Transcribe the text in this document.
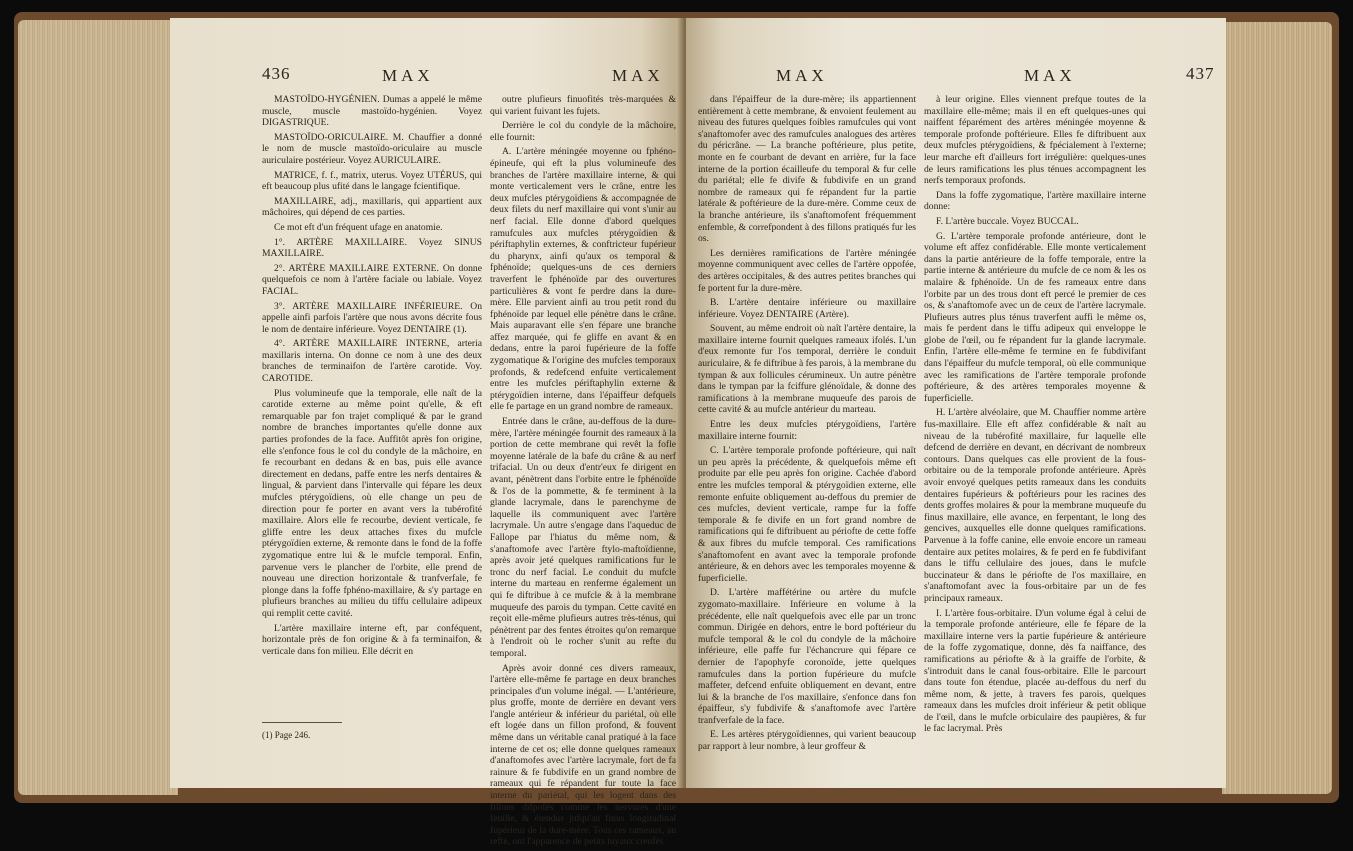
436	MAX	MAX

MASTOÏDO-HYGÉNIEN. Dumas a appelé le même muscle, muscle mastoïdo-hygénien. Voyez DIGASTRIQUE.

MASTOÏDO-ORICULAIRE. M. Chauffier a donné le nom de muscle mastoïdo-oriculaire au muscle auriculaire postérieur. Voyez AURICULAIRE.

MATRICE, f. f., matrix, uterus. Voyez UTÉRUS, qui eft beaucoup plus ufité dans le langage fcientifique.

MAXILLAIRE, adj., maxillaris, qui appartient aux mâchoires, qui dépend de ces parties.

Ce mot eft d'un fréquent ufage en anatomie.

1°. ARTÈRE MAXILLAIRE. Voyez SINUS MAXILLAIRE.

2°. ARTÈRE MAXILLAIRE EXTERNE. On donne quelquefois ce nom à l'artère faciale ou labiale. Voyez FACIAL.

3°. ARTÈRE MAXILLAIRE INFÉRIEURE. On appelle ainfi parfois l'artère que nous avons décrite fous le nom de dentaire inférieure. Voyez DENTAIRE (1).

4°. ARTÈRE MAXILLAIRE INTERNE, arteria maxillaris interna. On donne ce nom à une des deux branches de terminaifon de l'artère carotide. Voy. CAROTIDE.

Plus volumineufe que la temporale, elle naît de la carotide externe au même point qu'elle, & eft remarquable par fon trajet compliqué & par le grand nombre de branches importantes qu'elle donne aux parties profondes de la face. Auffitôt après fon origine, elle s'enfonce fous le col du condyle de la mâchoire, en fe recourbant en dedans & en bas, puis elle avance directement en dedans, paffe entre les nerfs dentaires & lingual, & parvient dans l'intervalle qui fépare les deux mufcles ptérygoïdiens, où elle change un peu de direction pour fe porter en avant vers la tubérofité maxillaire. Alors elle fe recourbe, devient verticale, fe gliffe entre les deux attaches fixes du mufcle ptérygoïdien externe, & remonte dans le fond de la foffe zygomatique entre lui & le mufcle temporal. Enfin, parvenue vers le plancher de l'orbite, elle prend de nouveau une direction horizontale & tranfverfale, fe plonge dans la foffe fphéno-maxillaire, & s'y partage en plufieurs branches au milieu du tiffu cellulaire adipeux qui remplit cette cavité.

L'artère maxillaire interne eft, par conféquent, horizontale près de fon origine & à fa terminaifon, & verticale dans fon milieu. Elle décrit en

outre plufieurs finuofités très-marquées & qui varient fuivant les fujets.

Derrière le col du condyle de la mâchoire, elle fournit:

A. L'artère méningée moyenne ou fphéno-épineufe, qui eft la plus volumineufe des branches de l'artère maxillaire interne, & qui monte verticalement vers le crâne, entre les deux mufcles ptérygoïdiens & accompagnée de deux filets du nerf maxillaire qui vont s'unir au nerf facial. Elle donne d'abord quelques ramufcules aux mufcles ptérygoïdien & périftaphylin externes, & conftricteur fupérieur du pharynx, ainfi qu'aux os temporal & fphénoïde; quelques-uns de ces derniers traverfent le fphénoïde par des ouvertures particulières & vont fe perdre dans la dure-mère. Elle parvient ainfi au trou petit rond du fphénoïde par lequel elle pénètre dans le crâne. Mais auparavant elle s'en fépare une branche affez marquée, qui fe gliffe en avant & en dedans, entre la paroi fupérieure de la foffe zygomatique & l'origine des mufcles temporaux profonds, & redefcend enfuite verticalement entre les mufcles périftaphylin externe & ptérygoïdien interne, dans l'épaiffeur defquels elle fe partage en un grand nombre de rameaux.

Entrée dans le crâne, au-deffous de la dure-mère, l'artère méningée fournit des rameaux à la portion de cette membrane qui revêt la fofle moyenne latérale de la bafe du crâne & au nerf trifacial. Un ou deux d'entr'eux fe dirigent en avant, pénètrent dans l'orbite entre le fphénoïde & l'os de la pommette, & fe terminent à la glande lacrymale, dans le parenchyme de laquelle ils communiquent avec l'artère lacrymale. Un autre s'engage dans l'aqueduc de Fallope par l'hiatus du même nom, & s'anaftomofe avec l'artère ftylo-maftoïdienne, après avoir jeté quelques ramifications fur le tronc du nerf facial. Le conduit du mufcle interne du marteau en renferme également un qui fe diftribue à ce mufcle & à la membrane muqueufe des parois du tympan. Cette cavité en reçoit elle-même plufieurs autres très-ténus, qui pénètrent par des fentes étroites qu'on remarque à l'endroit où le rocher s'unit au refte du temporal.

Après avoir donné ces divers rameaux, l'artère elle-même fe partage en deux branches principales d'un volume inégal. — L'antérieure, plus groffe, monte de derrière en devant vers l'angle antérieur & inférieur du pariétal, où elle eft logée dans un fillon profond, & fouvent même dans un véritable canal pratiqué à la face interne de cet os; elle donne quelques rameaux d'anaftomofes avec l'artère lacrymale, fort de fa rainure & fe fubdivife en un grand nombre de rameaux qui fe répandent fur toute la face interne du pariétal, qui les logent dans des fillons difpofés comme les nervures d'une feuille, & étendus jufqu'au finus longitudinal fupérieur de la dure-mère. Tous ces rameaux, au refte, ont l'apparence de petits tuyaux creufés

(1) Page 246.
MAX	MAX	437

dans l'épaiffeur de la dure-mère; ils appartiennent entièrement à cette membrane, & envoient feulement au niveau des futures quelques foibles ramufcules qui vont s'anaftomofer avec des ramufcules analogues des artères du péricrâne. — La branche poftérieure, plus petite, monte en fe courbant de devant en arrière, fur la face interne de la portion écailleufe du temporal & fur celle du pariétal; elle fe divife & fubdivife en un grand nombre de rameaux qui fe répandent fur la partie latérale & poftérieure de la dure-mère. Comme ceux de la branche antérieure, ils s'anaftomofent fréquemment enfemble, & correfpondent à des fillons pratiqués fur les os.

Les dernières ramifications de l'artère méningée moyenne communiquent avec celles de l'artère oppofée, des artères occipitales, & des autres petites branches qui fe portent fur la dure-mère.

B. L'artère dentaire inférieure ou maxillaire inférieure. Voyez DENTAIRE (Artère).

Souvent, au même endroit où naît l'artère dentaire, la maxillaire interne fournit quelques rameaux ifolés. L'un d'eux remonte fur l'os temporal, derrière le conduit auriculaire, & fe diftribue à fes parois, à la membrane du tympan & aux follicules cérumineux. Un autre pénètre dans le tympan par la fciffure glénoïdale, & donne des ramifications à la membrane muqueufe des parois de cette cavité & au mufcle antérieur du marteau.

Entre les deux mufcles ptérygoïdiens, l'artère maxillaire interne fournit:

C. L'artère temporale profonde poftérieure, qui naît un peu après la précédente, & quelquefois même eft produite par elle peu après fon origine. Cachée d'abord entre les mufcles temporal & ptérygoïdien externe, elle remonte enfuite obliquement au-deffous du premier de ces mufcles, devient verticale, rampe fur la foffe temporale & fe divife en un fort grand nombre de ramifications qui fe diftribuent au périofte de cette foffe & aux fibres du mufcle temporal. Ces ramifications s'anaftomofent en avant avec la temporale profonde antérieure, & en dehors avec les temporales moyenne & fuperficielle.

D. L'artère maffétérine ou artère du mufcle zygomato-maxillaire. Inférieure en volume à la précédente, elle naît quelquefois avec elle par un tronc commun. Dirigée en dehors, entre le bord poftérieur du mufcle temporal & le col du condyle de la mâchoire inférieure, elle paffe fur l'échancrure qui fépare ce dernier de l'apophyfe coronoïde, jette quelques ramufcules dans la portion fupérieure du mufcle maffeter, defcend enfuite obliquement en devant, entre lui & la branche de l'os maxillaire, s'enfonce dans fon épaiffeur, s'y fubdivife & s'anaftomofe avec l'artère tranfverfale de la face.

E. Les artères ptérygoïdiennes, qui varient beaucoup par rapport à leur nombre, à leur groffeur &

à leur origine. Elles viennent prefque toutes de la maxillaire elle-même; mais il en eft quelques-unes qui naiffent féparément des artères méningée moyenne & temporale profonde poftérieure. Elles fe diftribuent aux deux mufcles ptérygoïdiens, & fpécialement à l'externe; leur marche eft d'ailleurs fort irrégulière: quelques-unes de leurs ramifications les plus ténues accompagnent les nerfs temporaux profonds.

Dans la foffe zygomatique, l'artère maxillaire interne donne:

F. L'artère buccale. Voyez BUCCAL.

G. L'artère temporale profonde antérieure, dont le volume eft affez confidérable. Elle monte verticalement dans la partie antérieure de la foffe temporale, entre la partie interne & antérieure du mufcle de ce nom & les os malaire & fphénoïde. Un de fes rameaux entre dans l'orbite par un des trous dont eft percé le premier de ces os, & s'anaftomofe avec un de ceux de l'artère lacrymale. Plufieurs autres plus ténus traverfent auffi le même os, mais fe perdent dans le tiffu adipeux qui enveloppe le globe de l'œil, ou fe répandent fur la glande lacrymale. Enfin, l'artère elle-même fe termine en fe fubdivifant dans l'épaiffeur du mufcle temporal, où elle communique avec les ramifications de l'artère temporale profonde poftérieure, & des artères temporales moyenne & fuperficielle.

H. L'artère alvéolaire, que M. Chauffier nomme artère fus-maxillaire. Elle eft affez confidérable & naît au niveau de la tubérofité maxillaire, fur laquelle elle defcend de derrière en devant, en décrivant de nombreux contours. Dans quelques cas elle provient de la fous-orbitaire ou de la temporale profonde antérieure. Après avoir envoyé quelques petits rameaux dans les conduits dentaires fupérieurs & poftérieurs pour les racines des dents groffes molaires & pour la membrane muqueufe du finus maxillaire, elle avance, en ferpentant, le long des gencives, auxquelles elle donne quelques ramifications. Parvenue à la foffe canine, elle envoie encore un rameau dentaire aux petites molaires, & fe perd en fe fubdivifant dans le tiffu cellulaire des joues, dans le mufcle buccinateur & dans le périofte de l'os maxillaire, en s'anaftomofant avec la fous-orbitaire par un de fes principaux rameaux.

I. L'artère fous-orbitaire. D'un volume égal à celui de la temporale profonde antérieure, elle fe fépare de la maxillaire interne vers la partie fupérieure & antérieure de la foffe zygomatique, donne, dès fa naiffance, des ramifications au périofte & à la graiffe de l'orbite, & s'introduit dans le canal fous-orbitaire. Elle le parcourt dans toute fon étendue, placée au-deffous du nerf du même nom, & jette, à travers fes parois, quelques rameaux dans les mufcles droit inférieur & petit oblique de l'œil, dans le mufcle orbiculaire des paupières, & fur le fac lacrymal. Près
